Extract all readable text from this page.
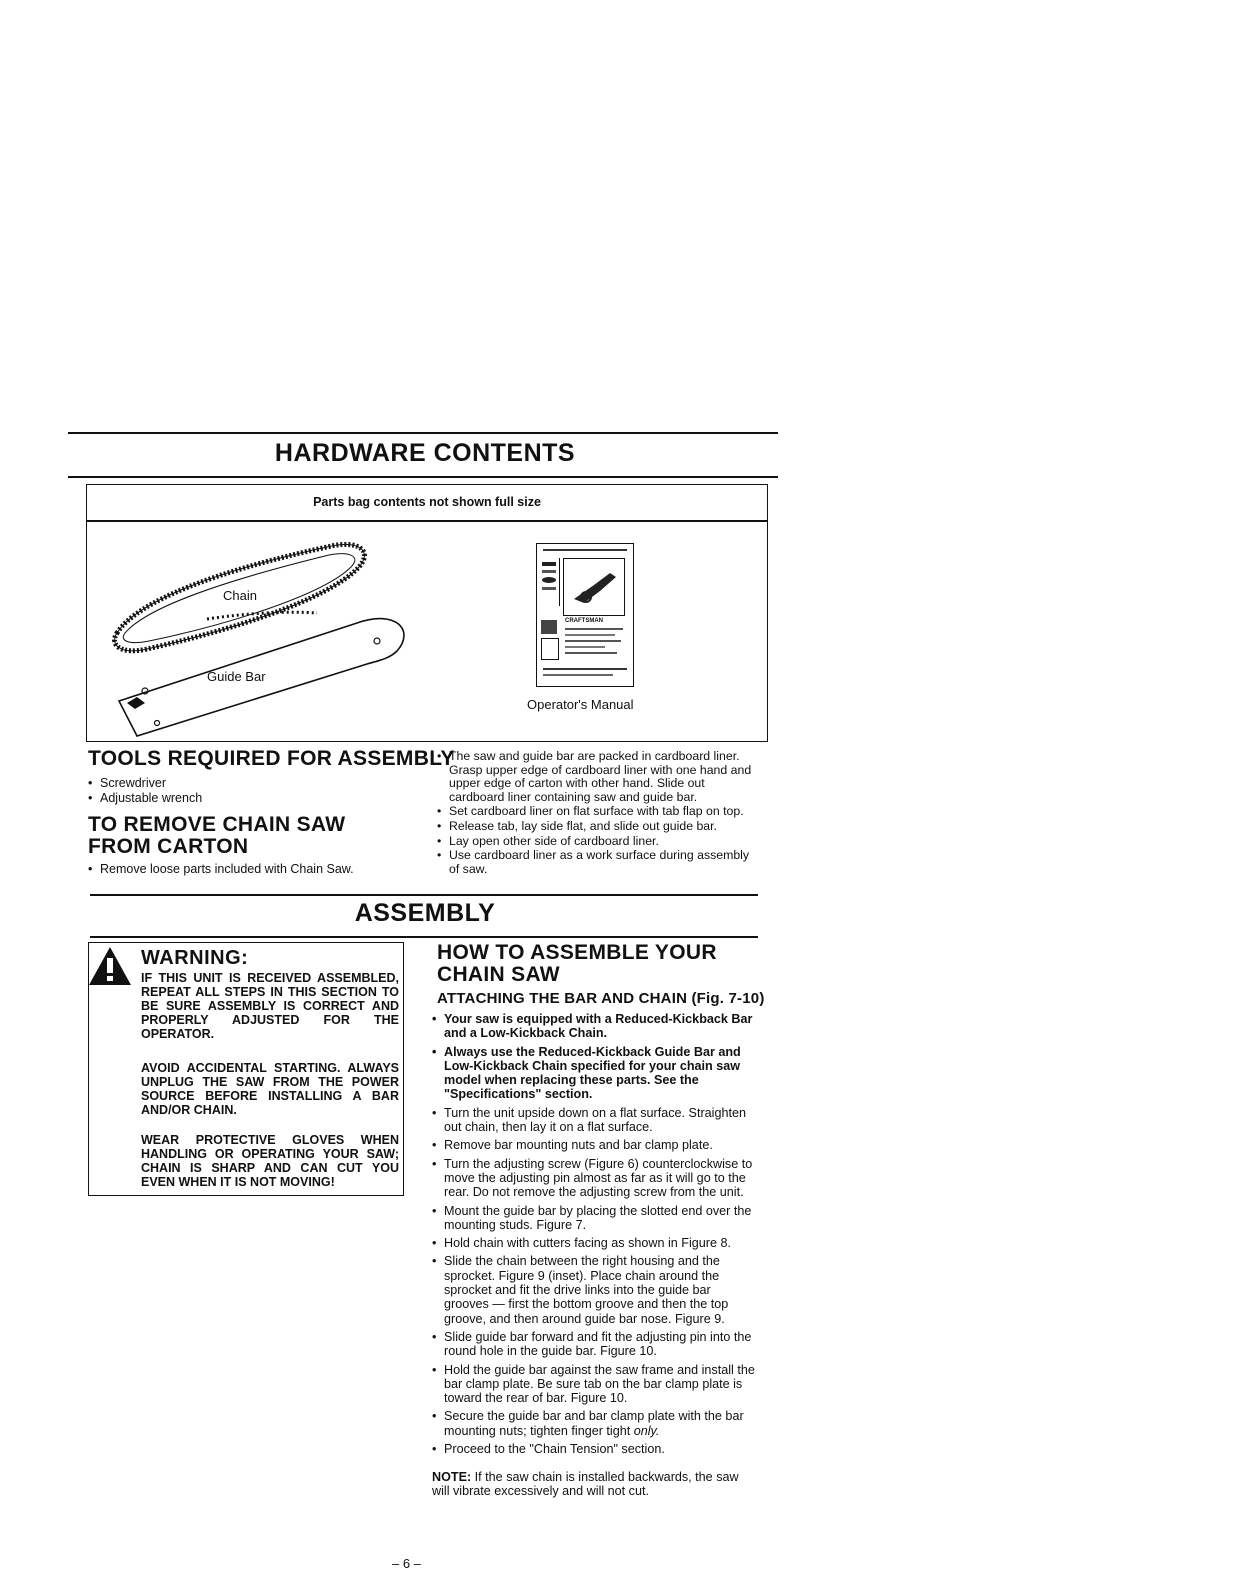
HARDWARE CONTENTS
Parts bag contents not shown full size
Chain
Guide Bar
CRAFTSMAN
Operator's Manual
TOOLS REQUIRED FOR ASSEMBLY
• Screwdriver
• Adjustable wrench
TO REMOVE CHAIN SAW
FROM CARTON
• Remove loose parts included with Chain Saw.
• The saw and guide bar are packed in cardboard liner. Grasp upper edge of cardboard liner with one hand and upper edge of carton with other hand. Slide out cardboard liner containing saw and guide bar.
• Set cardboard liner on flat surface with tab flap on top.
• Release tab, lay side flat, and slide out guide bar.
• Lay open other side of cardboard liner.
• Use cardboard liner as a work surface during assembly of saw.
ASSEMBLY
WARNING:
IF THIS UNIT IS RECEIVED ASSEMBLED, REPEAT ALL STEPS IN THIS SECTION TO BE SURE ASSEMBLY IS CORRECT AND PROPERLY ADJUSTED FOR THE OPERATOR.
AVOID ACCIDENTAL STARTING. ALWAYS UNPLUG THE SAW FROM THE POWER SOURCE BEFORE INSTALLING A BAR AND/OR CHAIN.
WEAR PROTECTIVE GLOVES WHEN HANDLING OR OPERATING YOUR SAW; CHAIN IS SHARP AND CAN CUT YOU EVEN WHEN IT IS NOT MOVING!
HOW TO ASSEMBLE YOUR
CHAIN SAW
ATTACHING THE BAR AND CHAIN (Fig. 7-10)
• Your saw is equipped with a Reduced-Kickback Bar and a Low-Kickback Chain.
• Always use the Reduced-Kickback Guide Bar and Low-Kickback Chain specified for your chain saw model when replacing these parts. See the "Specifications" section.
• Turn the unit upside down on a flat surface. Straighten out chain, then lay it on a flat surface.
• Remove bar mounting nuts and bar clamp plate.
• Turn the adjusting screw (Figure 6) counterclockwise to move the adjusting pin almost as far as it will go to the rear. Do not remove the adjusting screw from the unit.
• Mount the guide bar by placing the slotted end over the mounting studs. Figure 7.
• Hold chain with cutters facing as shown in Figure 8.
• Slide the chain between the right housing and the sprocket. Figure 9 (inset). Place chain around the sprocket and fit the drive links into the guide bar grooves — first the bottom groove and then the top groove, and then around guide bar nose. Figure 9.
• Slide guide bar forward and fit the adjusting pin into the round hole in the guide bar. Figure 10.
• Hold the guide bar against the saw frame and install the bar clamp plate. Be sure tab on the bar clamp plate is toward the rear of bar. Figure 10.
• Secure the guide bar and bar clamp plate with the bar mounting nuts; tighten finger tight only.
• Proceed to the "Chain Tension" section.
NOTE: If the saw chain is installed backwards, the saw will vibrate excessively and will not cut.
– 6 –
